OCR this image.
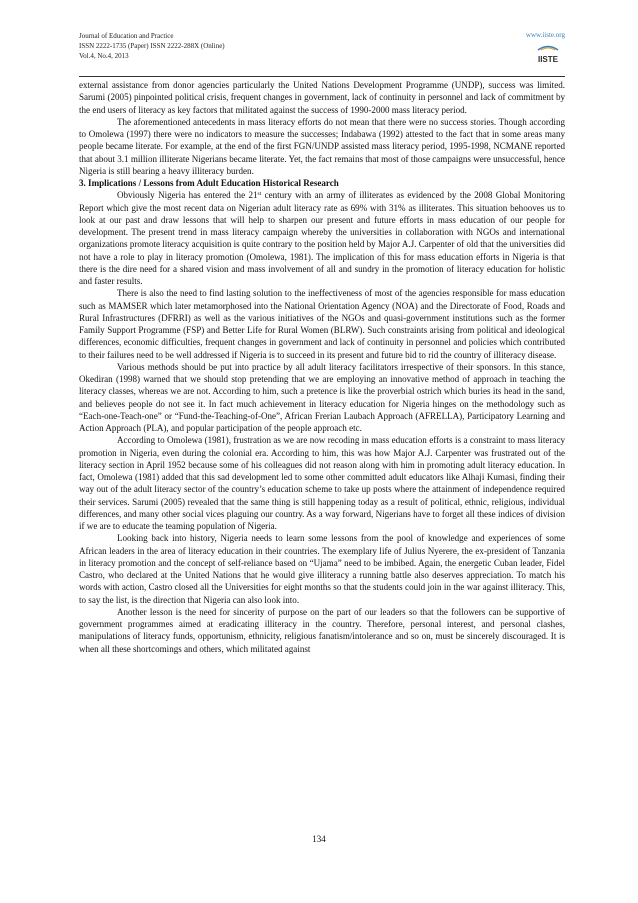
Journal of Education and Practice
ISSN 2222-1735 (Paper) ISSN 2222-288X (Online)
Vol.4, No.4, 2013
www.iiste.org
IISTE

external assistance from donor agencies particularly the United Nations Development Programme (UNDP), success was limited. Sarumi (2005) pinpointed political crisis, frequent changes in government, lack of continuity in personnel and lack of commitment by the end users of literacy as key factors that militated against the success of 1990-2000 mass literacy period.

The aforementioned antecedents in mass literacy efforts do not mean that there were no success stories. Though according to Omolewa (1997) there were no indicators to measure the successes; Indabawa (1992) attested to the fact that in some areas many people became literate. For example, at the end of the first FGN/UNDP assisted mass literacy period, 1995-1998, NCMANE reported that about 3.1 million illiterate Nigerians became literate. Yet, the fact remains that most of those campaigns were unsuccessful, hence Nigeria is still bearing a heavy illiteracy burden.

3. Implications / Lessons from Adult Education Historical Research

Obviously Nigeria has entered the 21st century with an army of illiterates as evidenced by the 2008 Global Monitoring Report which give the most recent data on Nigerian adult literacy rate as 69% with 31% as illiterates. This situation behooves us to look at our past and draw lessons that will help to sharpen our present and future efforts in mass education of our people for development. The present trend in mass literacy campaign whereby the universities in collaboration with NGOs and international organizations promote literacy acquisition is quite contrary to the position held by Major A.J. Carpenter of old that the universities did not have a role to play in literacy promotion (Omolewa, 1981). The implication of this for mass education efforts in Nigeria is that there is the dire need for a shared vision and mass involvement of all and sundry in the promotion of literacy education for holistic and faster results.

There is also the need to find lasting solution to the ineffectiveness of most of the agencies responsible for mass education such as MAMSER which later metamorphosed into the National Orientation Agency (NOA) and the Directorate of Food, Roads and Rural Infrastructures (DFRRI) as well as the various initiatives of the NGOs and quasi-government institutions such as the former Family Support Programme (FSP) and Better Life for Rural Women (BLRW). Such constraints arising from political and ideological differences, economic difficulties, frequent changes in government and lack of continuity in personnel and policies which contributed to their failures need to be well addressed if Nigeria is to succeed in its present and future bid to rid the country of illiteracy disease.

Various methods should be put into practice by all adult literacy facilitators irrespective of their sponsors. In this stance, Okediran (1998) warned that we should stop pretending that we are employing an innovative method of approach in teaching the literacy classes, whereas we are not. According to him, such a pretence is like the proverbial ostrich which buries its head in the sand, and believes people do not see it. In fact much achievement in literacy education for Nigeria hinges on the methodology such as “Each-one-Teach-one” or “Fund-the-Teaching-of-One”, African Frerian Laubach Approach (AFRELLA), Participatory Learning and Action Approach (PLA), and popular participation of the people approach etc.

According to Omolewa (1981), frustration as we are now recoding in mass education efforts is a constraint to mass literacy promotion in Nigeria, even during the colonial era. According to him, this was how Major A.J. Carpenter was frustrated out of the literacy section in April 1952 because some of his colleagues did not reason along with him in promoting adult literacy education. In fact, Omolewa (1981) added that this sad development led to some other committed adult educators like Alhaji Kumasi, finding their way out of the adult literacy sector of the country’s education scheme to take up posts where the attainment of independence required their services. Sarumi (2005) revealed that the same thing is still happening today as a result of political, ethnic, religious, individual differences, and many other social vices plaguing our country. As a way forward, Nigerians have to forget all these indices of division if we are to educate the teaming population of Nigeria.

Looking back into history, Nigeria needs to learn some lessons from the pool of knowledge and experiences of some African leaders in the area of literacy education in their countries. The exemplary life of Julius Nyerere, the ex-president of Tanzania in literacy promotion and the concept of self-reliance based on “Ujama” need to be imbibed. Again, the energetic Cuban leader, Fidel Castro, who declared at the United Nations that he would give illiteracy a running battle also deserves appreciation. To match his words with action, Castro closed all the Universities for eight months so that the students could join in the war against illiteracy. This, to say the list, is the direction that Nigeria can also look into.

Another lesson is the need for sincerity of purpose on the part of our leaders so that the followers can be supportive of government programmes aimed at eradicating illiteracy in the country. Therefore, personal interest, and personal clashes, manipulations of literacy funds, opportunism, ethnicity, religious fanatism/intolerance and so on, must be sincerely discouraged. It is when all these shortcomings and others, which militated against

134
